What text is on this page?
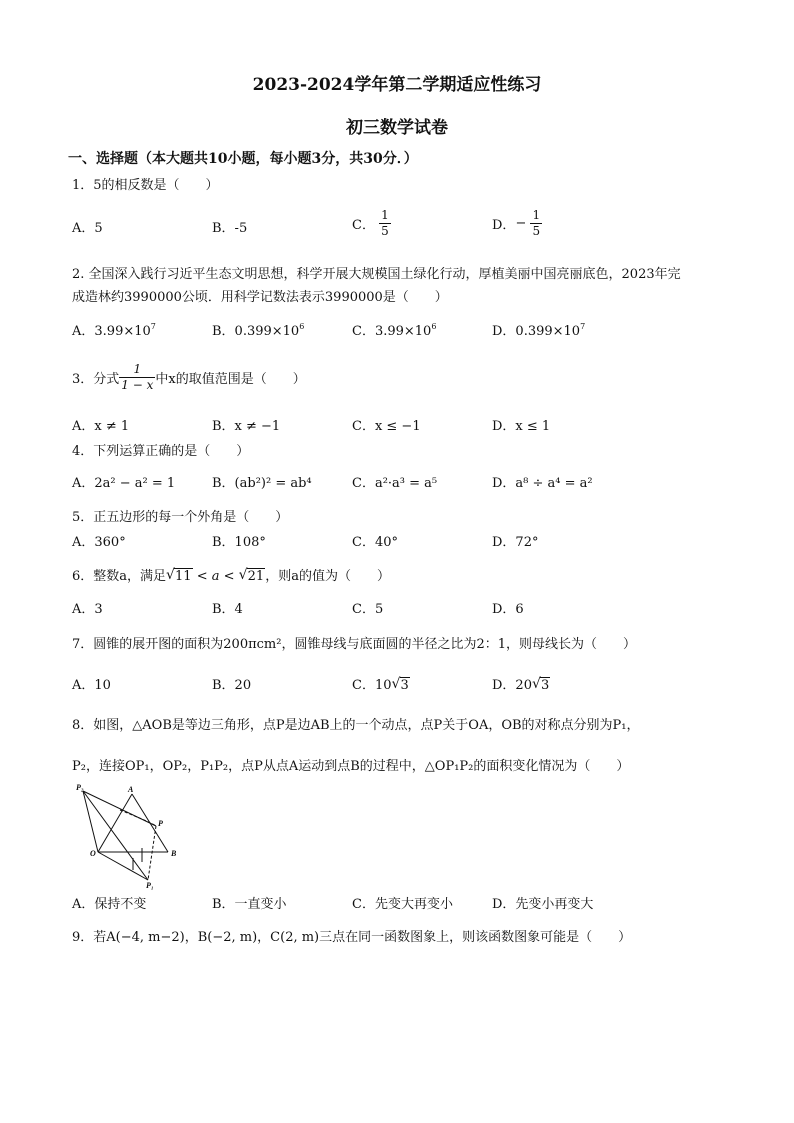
2023-2024学年第二学期适应性练习
初三数学试卷
一、选择题（本大题共10小题，每小题3分，共30分．）
1．5的相反数是（　　）
A．5	B．-5	C． $\frac{1}{5}$	D．− $\frac{1}{5}$
2. 全国深入践行习近平生态文明思想，科学开展大规模国土绿化行动，厚植美丽中国亮丽底色，2023年完
成造林约3990000公顷．用科学记数法表示3990000是（　　）
A．$3.99\times 10^7$	B．$0.399\times 10^6$	C．$3.99\times 10^6$	D．$0.399\times 10^7$
3．分式 $\frac{1}{1 - x}$ 中x的取值范围是（　　）
A．x ≠ 1	B．x ≠ −1	C．x ≤ −1	D．x ≤ 1
4．下列运算正确的是（　　）
A．2a² − a² = 1	B．(ab²)² = ab⁴	C．a²·a³ = a⁵	D．a⁸ ÷ a⁴ = a²
5．正五边形的每一个外角是（　　）
A．360°	B．108°	C．40°	D．72°
6．整数a，满足 √ 11 < a < √ 21，则a的值为（　　）
A．3	B．4	C．5	D．6
7．圆锥的展开图的面积为200πcm²，圆锥母线与底面圆的半径之比为2：1，则母线长为（　　）
A．10	B．20	C．10 √ 3	D．20 √ 3
8．如图，△AOB是等边三角形，点P是边AB上的一个动点，点P关于OA，OB的对称点分别为P₁，
P₂，连接OP₁，OP₂，P₁P₂，点P从点A运动到点B的过程中，△OP₁P₂的面积变化情况为（　　）
P₂	A
P
O	B
P₁
A．保持不变	B．一直变小	C．先变大再变小	D．先变小再变大
9．若A(−4, m−2)，B(−2, m)，C(2, m)三点在同一函数图象上，则该函数图象可能是（　　）
